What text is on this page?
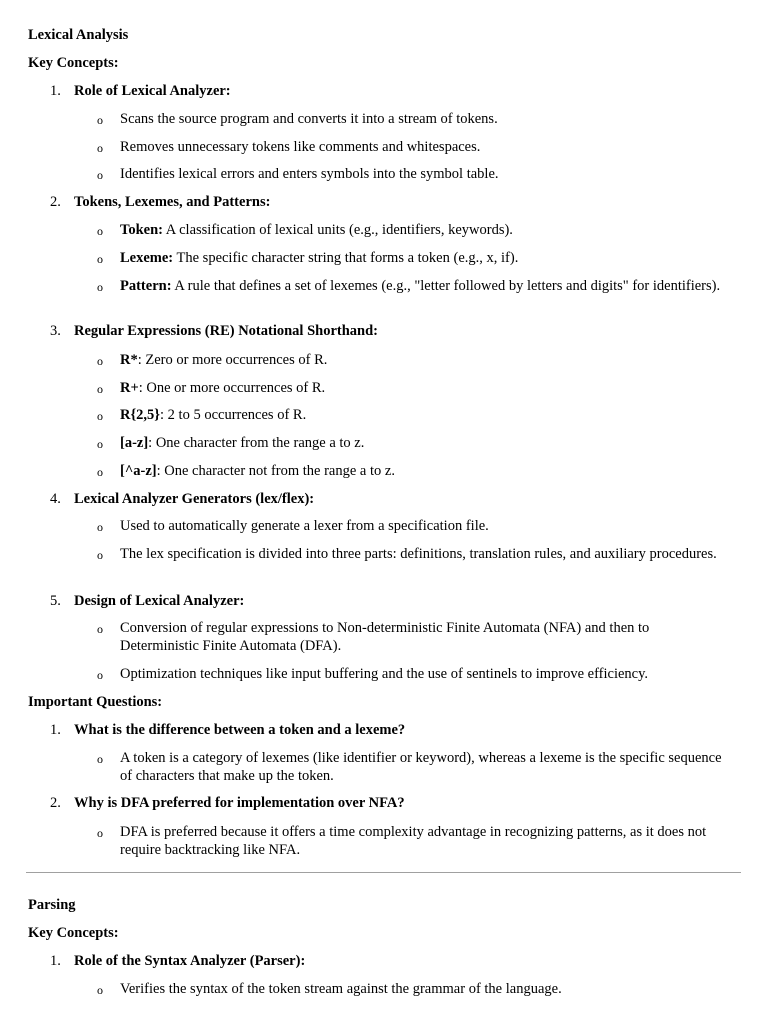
Lexical Analysis
Key Concepts:
1. Role of Lexical Analyzer:
o Scans the source program and converts it into a stream of tokens.
o Removes unnecessary tokens like comments and whitespaces.
o Identifies lexical errors and enters symbols into the symbol table.
2. Tokens, Lexemes, and Patterns:
o Token: A classification of lexical units (e.g., identifiers, keywords).
o Lexeme: The specific character string that forms a token (e.g., x, if).
o Pattern: A rule that defines a set of lexemes (e.g., "letter followed by letters and digits" for identifiers).
3. Regular Expressions (RE) Notational Shorthand:
o R*: Zero or more occurrences of R.
o R+: One or more occurrences of R.
o R{2,5}: 2 to 5 occurrences of R.
o [a-z]: One character from the range a to z.
o [^a-z]: One character not from the range a to z.
4. Lexical Analyzer Generators (lex/flex):
o Used to automatically generate a lexer from a specification file.
o The lex specification is divided into three parts: definitions, translation rules, and auxiliary procedures.
5. Design of Lexical Analyzer:
o Conversion of regular expressions to Non-deterministic Finite Automata (NFA) and then to Deterministic Finite Automata (DFA).
o Optimization techniques like input buffering and the use of sentinels to improve efficiency.
Important Questions:
1. What is the difference between a token and a lexeme?
o A token is a category of lexemes (like identifier or keyword), whereas a lexeme is the specific sequence of characters that make up the token.
2. Why is DFA preferred for implementation over NFA?
o DFA is preferred because it offers a time complexity advantage in recognizing patterns, as it does not require backtracking like NFA.
Parsing
Key Concepts:
1. Role of the Syntax Analyzer (Parser):
o Verifies the syntax of the token stream against the grammar of the language.
